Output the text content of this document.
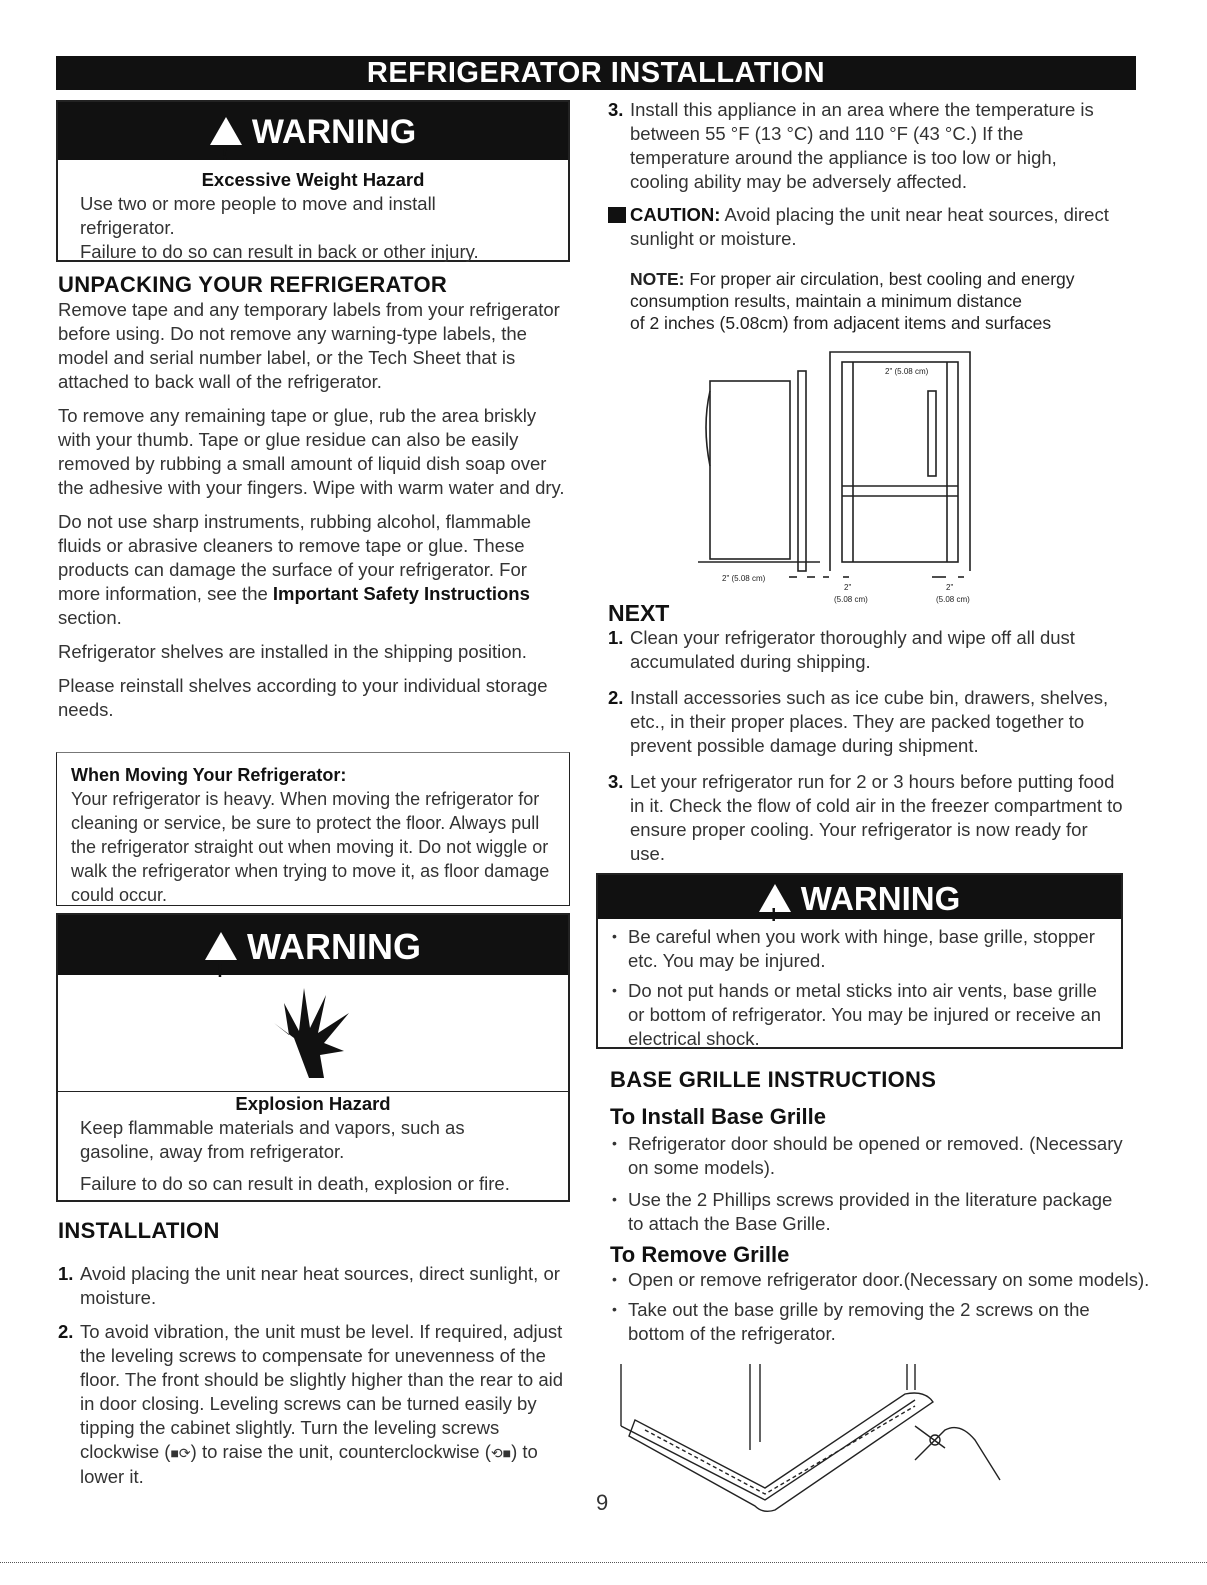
REFRIGERATOR INSTALLATION
!WARNING

Excessive Weight Hazard

Use two or more people to move and install

refrigerator.

Failure to do so can result in back or other injury.

UNPACKING YOUR REFRIGERATOR

Remove tape and any temporary labels from your refrigerator before using. Do not remove any warning-type labels, the model and serial number label, or the Tech Sheet that is attached to back wall of the refrigerator.

To remove any remaining tape or glue, rub the area briskly with your thumb. Tape or glue residue can also be easily removed by rubbing a small amount of liquid dish soap over the adhesive with your fingers. Wipe with warm water and dry.

Do not use sharp instruments, rubbing alcohol, flammable fluids or abrasive cleaners to remove tape or glue. These products can damage the surface of your refrigerator. For more information, see the Important Safety Instructions section.

Refrigerator shelves are installed in the shipping position.

Please reinstall shelves according to your individual storage needs.

When Moving Your Refrigerator:

Your refrigerator is heavy. When moving the refrigerator for cleaning or service, be sure to protect the floor. Always pull the refrigerator straight out when moving it. Do not wiggle or walk the refrigerator when trying to move it, as floor damage could occur.

!WARNING

Explosion Hazard

Keep flammable materials and vapors, such as gasoline, away from refrigerator.

Failure to do so can result in death, explosion or fire.

INSTALLATION
1. Avoid placing the unit near heat sources, direct sunlight, or moisture.
2. To avoid vibration, the unit must be level. If required, adjust the leveling screws to compensate for unevenness of the floor. The front should be slightly higher than the rear to aid in door closing. Leveling screws can be turned easily by tipping the cabinet slightly. Turn the leveling screws clockwise (■⟳) to raise the unit, counterclockwise (⟲■) to lower it.
3. Install this appliance in an area where the temperature is between 55 °F (13 °C) and 110 °F (43 °C.) If the temperature around the appliance is too low or high, cooling ability may be adversely affected.
CAUTION: Avoid placing the unit near heat sources, direct sunlight or moisture.

NOTE: For proper air circulation, best cooling and energy

consumption results, maintain a minimum distance

of 2 inches (5.08cm) from adjacent items and surfaces

2" (5.08 cm)
2" (5.08 cm)
2"
(5.08 cm)
2"
(5.08 cm)
NEXT
1. Clean your refrigerator thoroughly and wipe off all dust accumulated during shipping.
2. Install accessories such as ice cube bin, drawers, shelves, etc., in their proper places. They are packed together to prevent possible damage during shipment.
3. Let your refrigerator run for 2 or 3 hours before putting food in it. Check the flow of cold air in the freezer compartment to ensure proper cooling. Your refrigerator is now ready for use.
!WARNING
• Be careful when you work with hinge, base grille, stopper etc. You may be injured.
• Do not put hands or metal sticks into air vents, base grille or bottom of refrigerator. You may be injured or receive an electrical shock.
BASE GRILLE INSTRUCTIONS
To Install Base Grille
• Refrigerator door should be opened or removed. (Necessary on some models).
• Use the 2 Phillips screws provided in the literature package to attach the Base Grille.
To Remove Grille
• Open or remove refrigerator door.(Necessary on some models).
• Take out the base grille by removing the 2 screws on the bottom of the refrigerator.
9
